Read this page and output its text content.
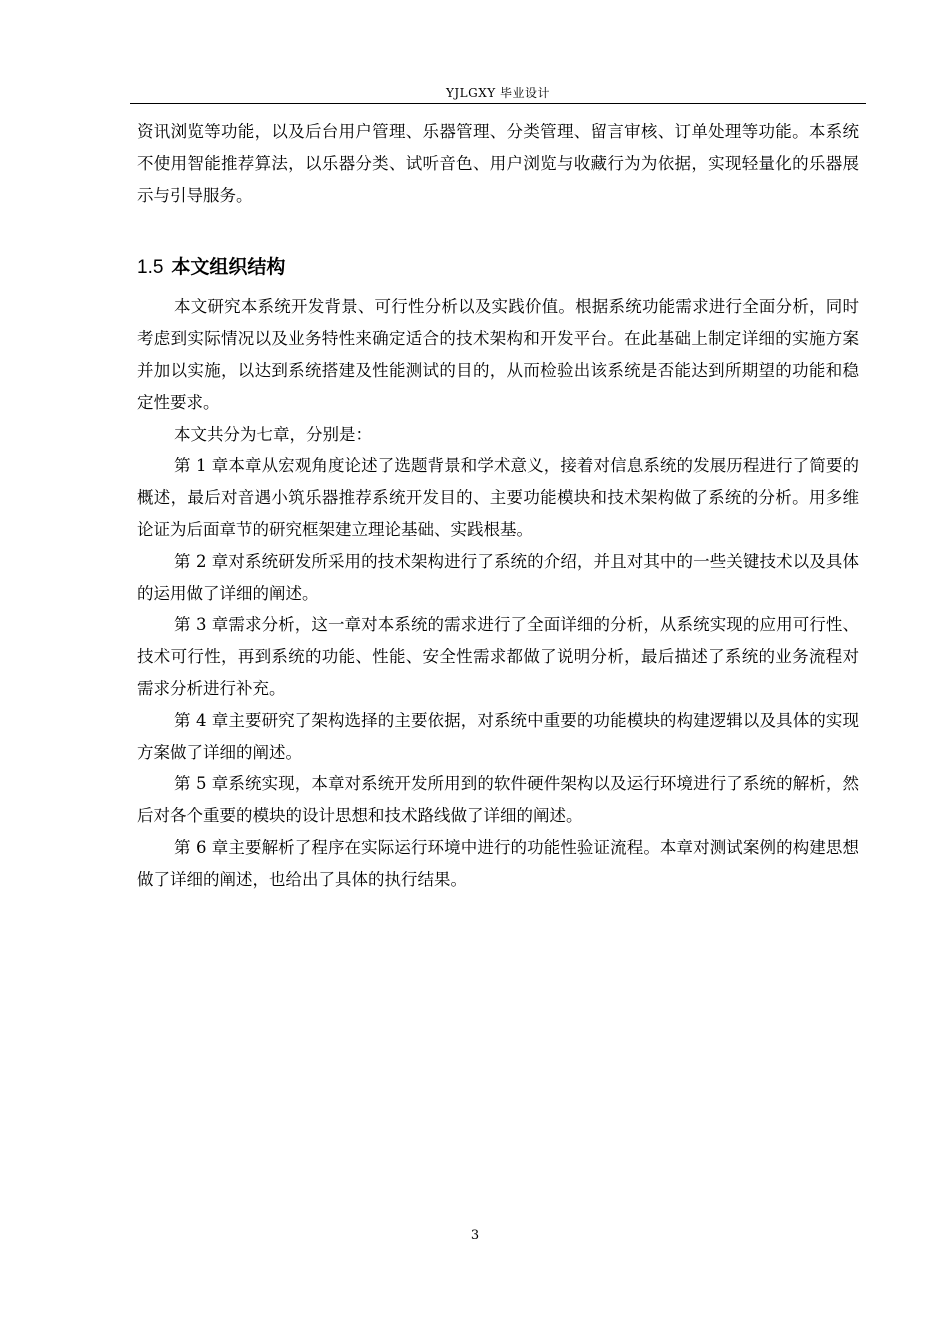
YJLGXY 毕业设计

资讯浏览等功能，以及后台用户管理、乐器管理、分类管理、留言审核、订单处理等功能。本系统不使用智能推荐算法，以乐器分类、试听音色、用户浏览与收藏行为为依据，实现轻量化的乐器展示与引导服务。

1.5 本文组织结构

本文研究本系统开发背景、可行性分析以及实践价值。根据系统功能需求进行全面分析，同时考虑到实际情况以及业务特性来确定适合的技术架构和开发平台。在此基础上制定详细的实施方案并加以实施，以达到系统搭建及性能测试的目的，从而检验出该系统是否能达到所期望的功能和稳定性要求。

本文共分为七章，分别是：

第 1 章本章从宏观角度论述了选题背景和学术意义，接着对信息系统的发展历程进行了简要的概述，最后对音遇小筑乐器推荐系统开发目的、主要功能模块和技术架构做了系统的分析。用多维论证为后面章节的研究框架建立理论基础、实践根基。

第 2 章对系统研发所采用的技术架构进行了系统的介绍，并且对其中的一些关键技术以及具体的运用做了详细的阐述。

第 3 章需求分析，这一章对本系统的需求进行了全面详细的分析，从系统实现的应用可行性、技术可行性，再到系统的功能、性能、安全性需求都做了说明分析，最后描述了系统的业务流程对需求分析进行补充。

第 4 章主要研究了架构选择的主要依据，对系统中重要的功能模块的构建逻辑以及具体的实现方案做了详细的阐述。

第 5 章系统实现，本章对系统开发所用到的软件硬件架构以及运行环境进行了系统的解析，然后对各个重要的模块的设计思想和技术路线做了详细的阐述。

第 6 章主要解析了程序在实际运行环境中进行的功能性验证流程。本章对测试案例的构建思想做了详细的阐述，也给出了具体的执行结果。

3
